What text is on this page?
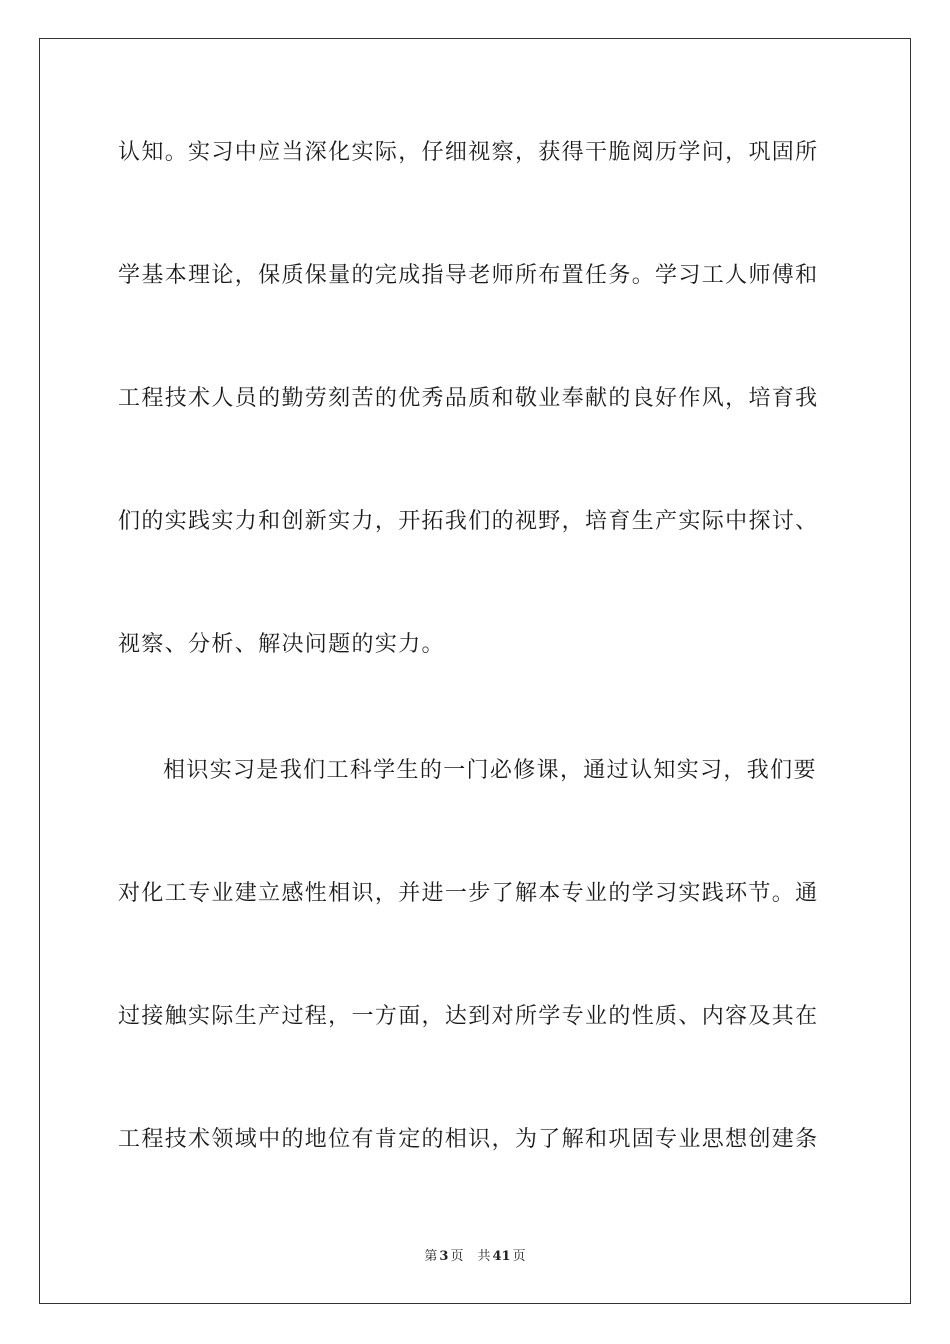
认知。实习中应当深化实际，仔细视察，获得干脆阅历学问，巩固所
学基本理论，保质保量的完成指导老师所布置任务。学习工人师傅和
工程技术人员的勤劳刻苦的优秀品质和敬业奉献的良好作风，培育我
们的实践实力和创新实力，开拓我们的视野，培育生产实际中探讨、
视察、分析、解决问题的实力。
相识实习是我们工科学生的一门必修课，通过认知实习，我们要
对化工专业建立感性相识，并进一步了解本专业的学习实践环节。通
过接触实际生产过程，一方面，达到对所学专业的性质、内容及其在
工程技术领域中的地位有肯定的相识，为了解和巩固专业思想创建条
第 3 页 共 41 页
